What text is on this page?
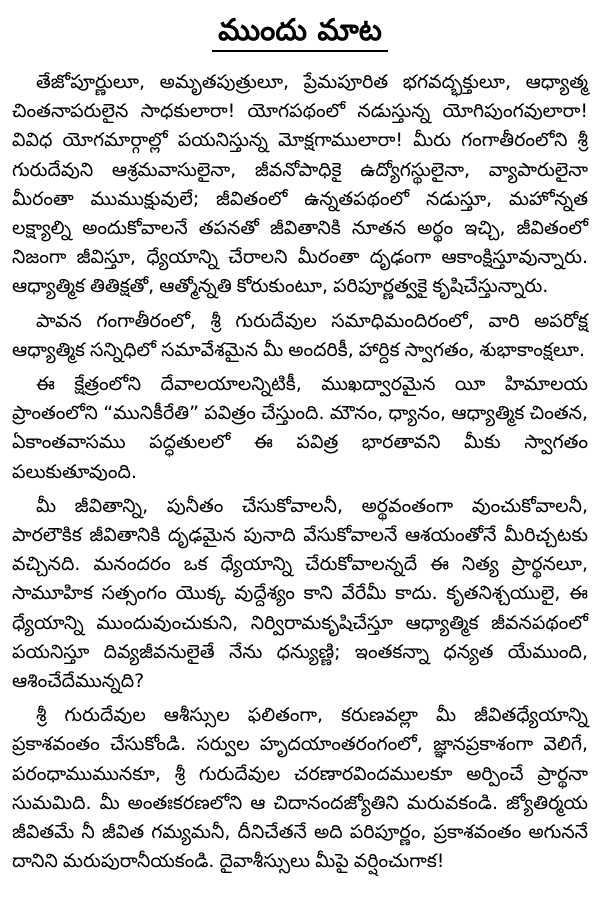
ముందు మాట

తేజోపూర్ణులూ, అమృతపుత్రులూ, ప్రేమపూరిత భగవద్భక్తులూ, ఆధ్యాత్మ చింతనాపరులైన సాధకులారా! యోగపథంలో నడుస్తున్న యోగిపుంగవులారా! వివిధ యోగమార్గాల్లో పయనిస్తున్న మోక్షగాములారా! మీరు గంగాతీరంలోని శ్రీ గురుదేవుని ఆశ్రమవాసులైనా, జీవనోపాధికై ఉద్యోగస్థులైనా, వ్యాపారులైనా మీరంతా ముముక్షువులే; జీవితంలో ఉన్నతపథంలో నడుస్తూ, మహోన్నత లక్ష్యాల్ని అందుకోవాలనే తపనతో జీవితానికి నూతన అర్థం ఇచ్చి, జీవితంలో నిజంగా జీవిస్తూ, ధ్యేయాన్ని చేరాలని మీరంతా దృఢంగా ఆకాంక్షిస్తూవున్నారు. ఆధ్యాత్మిక తితిక్షతో, ఆత్మోన్నతి కోరుకుంటూ, పరిపూర్ణత్వకై కృషిచేస్తున్నారు.

పావన గంగాతీరంలో, శ్రీ గురుదేవుల సమాధిమందిరంలో, వారి అపరోక్ష ఆధ్యాత్మిక సన్నిధిలో సమావేశమైన మీ అందరికీ, హార్దిక స్వాగతం, శుభాకాంక్షలూ.

ఈ క్షేత్రంలోని దేవాలయాలన్నిటికీ, ముఖద్వారమైన యీ హిమాలయ ప్రాంతంలోని “మునికీరేతి” పవిత్రం చేస్తుంది. మౌనం, ధ్యానం, ఆధ్యాత్మిక చింతన, ఏకాంతవాసము పద్ధతులలో ఈ పవిత్ర భారతావని మీకు స్వాగతం పలుకుతూవుంది.

మీ జీవితాన్ని, పునీతం చేసుకోవాలనీ, అర్థవంతంగా వుంచుకోవాలనీ, పారలౌకిక జీవితానికి దృఢమైన పునాది వేసుకోవాలనే ఆశయంతోనే మీరిచ్చటకు వచ్చినది. మనందరం ఒక ధ్యేయాన్ని చేరుకోవాలన్నదే ఈ నిత్య ప్రార్థనలూ, సామూహిక సత్సంగం యొక్క వుద్దేశ్యం కాని వేరేమీ కాదు. కృతనిశ్చయులై, ఈ ధ్యేయాన్ని ముందువుంచుకుని, నిర్విరామకృషిచేస్తూ ఆధ్యాత్మిక జీవనపథంలో పయనిస్తూ దివ్యజీవనులైతే నేను ధన్యుణ్ణి; ఇంతకన్నా ధన్యత యేముంది, ఆశించేదేమున్నది?

శ్రీ గురుదేవుల ఆశీస్సుల ఫలితంగా, కరుణవల్లా మీ జీవితధ్యేయాన్ని ప్రకాశవంతం చేసుకోండి. సర్వుల హృదయాంతరంగంలో, జ్ఞానప్రకాశంగా వెలిగే, పరంధాముమునకూ, శ్రీ గురుదేవుల చరణారవిందములకూ అర్పించే ప్రార్థనా సుమమిది. మీ అంతఃకరణలోని ఆ చిదానందజ్యోతిని మరువకండి. జ్యోతిర్మయ జీవితమే నీ జీవిత గమ్యమనీ, దీనిచేతనే అది పరిపూర్ణం, ప్రకాశవంతం అగుననే దానిని మరుపురానీయకండి. దైవాశీస్సులు మీపై వర్షించుగాక!
